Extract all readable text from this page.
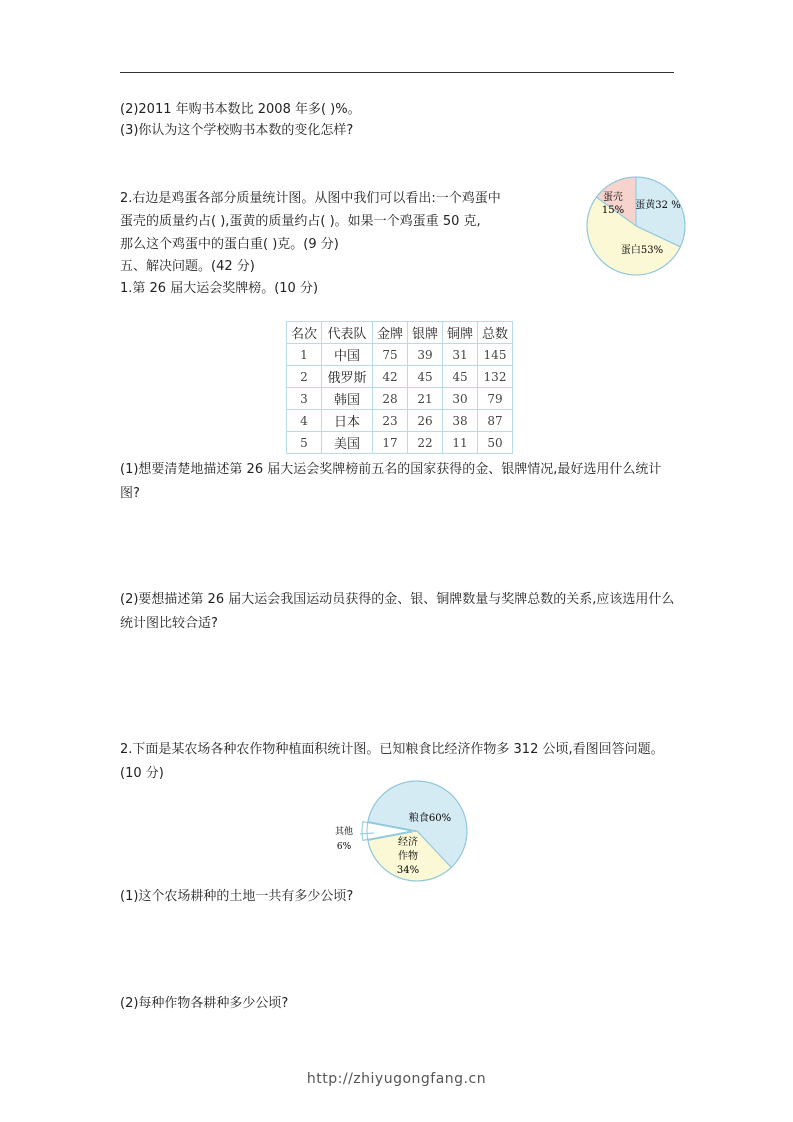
(2)2011 年购书本数比 2008 年多( )%。
(3)你认为这个学校购书本数的变化怎样?
2.右边是鸡蛋各部分质量统计图。从图中我们可以看出:一个鸡蛋中
蛋壳的质量约占( ),蛋黄的质量约占( )。如果一个鸡蛋重 50 克,
那么这个鸡蛋中的蛋白重( )克。(9 分)
五、解决问题。(42 分)
1.第 26 届大运会奖牌榜。(10 分)
蛋壳
15% 蛋黄32 %
蛋白53%
名次	代表队	金牌	银牌	铜牌	总数
1	中国	75	39	31	145
2	俄罗斯	42	45	45	132
3	韩国	28	21	30	79
4	日本	23	26	38	87
5	美国	17	22	11	50
(1)想要清楚地描述第 26 届大运会奖牌榜前五名的国家获得的金、银牌情况,最好选用什么统计图?
(2)要想描述第 26 届大运会我国运动员获得的金、银、铜牌数量与奖牌总数的关系,应该选用什么统计图比较合适?
2.下面是某农场各种农作物种植面积统计图。已知粮食比经济作物多 312 公顷,看图回答问题。(10 分)
粮食60%
经济
作物
34%
其他
6%
(1)这个农场耕种的土地一共有多少公顷?
(2)每种作物各耕种多少公顷?
http://zhiyugongfang.cn
